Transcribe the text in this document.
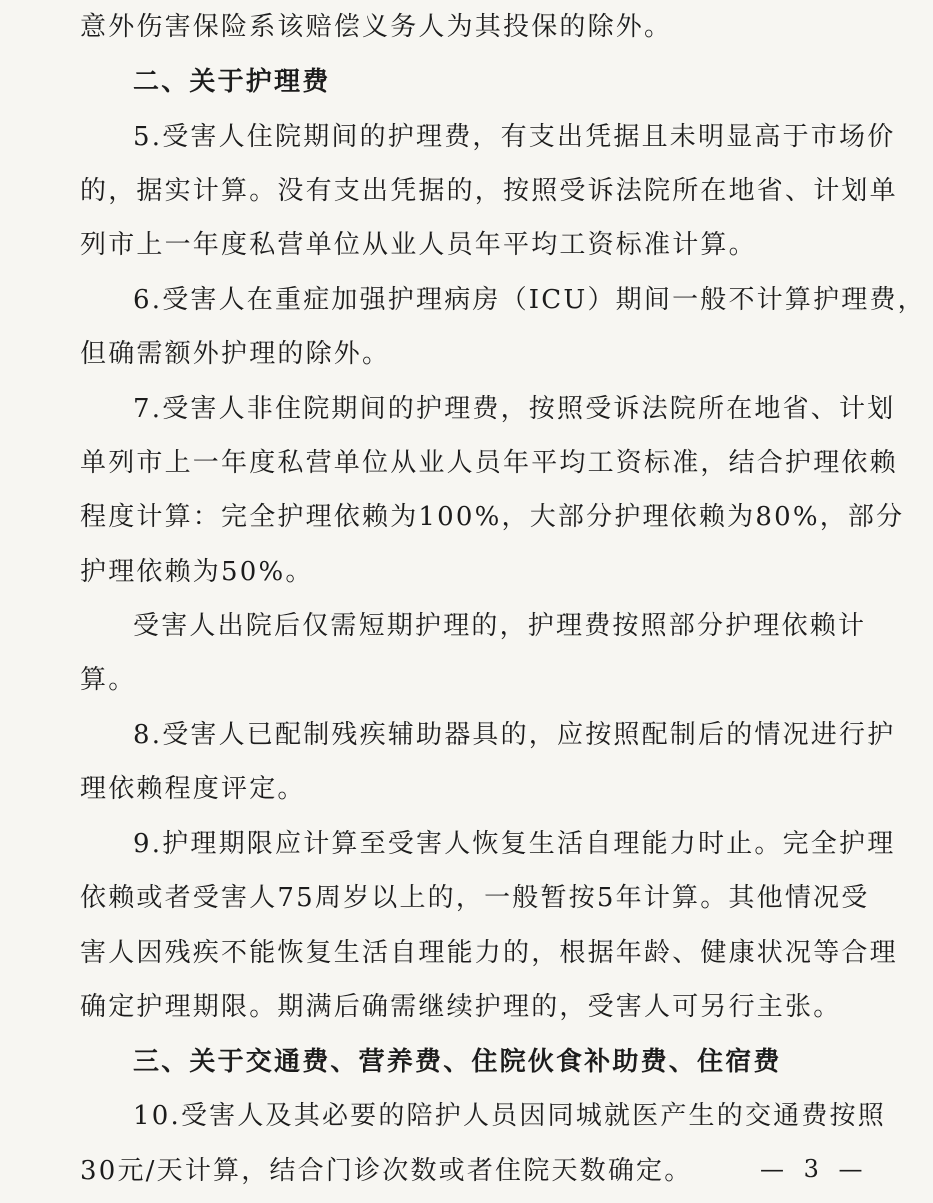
意外伤害保险系该赔偿义务人为其投保的除外。
二、关于护理费
5.受害人住院期间的护理费，有支出凭据且未明显高于市场价
的，据实计算。没有支出凭据的，按照受诉法院所在地省、计划单
列市上一年度私营单位从业人员年平均工资标准计算。
6.受害人在重症加强护理病房（ICU）期间一般不计算护理费，
但确需额外护理的除外。
7.受害人非住院期间的护理费，按照受诉法院所在地省、计划
单列市上一年度私营单位从业人员年平均工资标准，结合护理依赖
程度计算：完全护理依赖为100%，大部分护理依赖为80%，部分
护理依赖为50%。
受害人出院后仅需短期护理的，护理费按照部分护理依赖计
算。
8.受害人已配制残疾辅助器具的，应按照配制后的情况进行护
理依赖程度评定。
9.护理期限应计算至受害人恢复生活自理能力时止。完全护理
依赖或者受害人75周岁以上的，一般暂按5年计算。其他情况受
害人因残疾不能恢复生活自理能力的，根据年龄、健康状况等合理
确定护理期限。期满后确需继续护理的，受害人可另行主张。
三、关于交通费、营养费、住院伙食补助费、住宿费
10.受害人及其必要的陪护人员因同城就医产生的交通费按照
30元/天计算，结合门诊次数或者住院天数确定。	— 3 —
